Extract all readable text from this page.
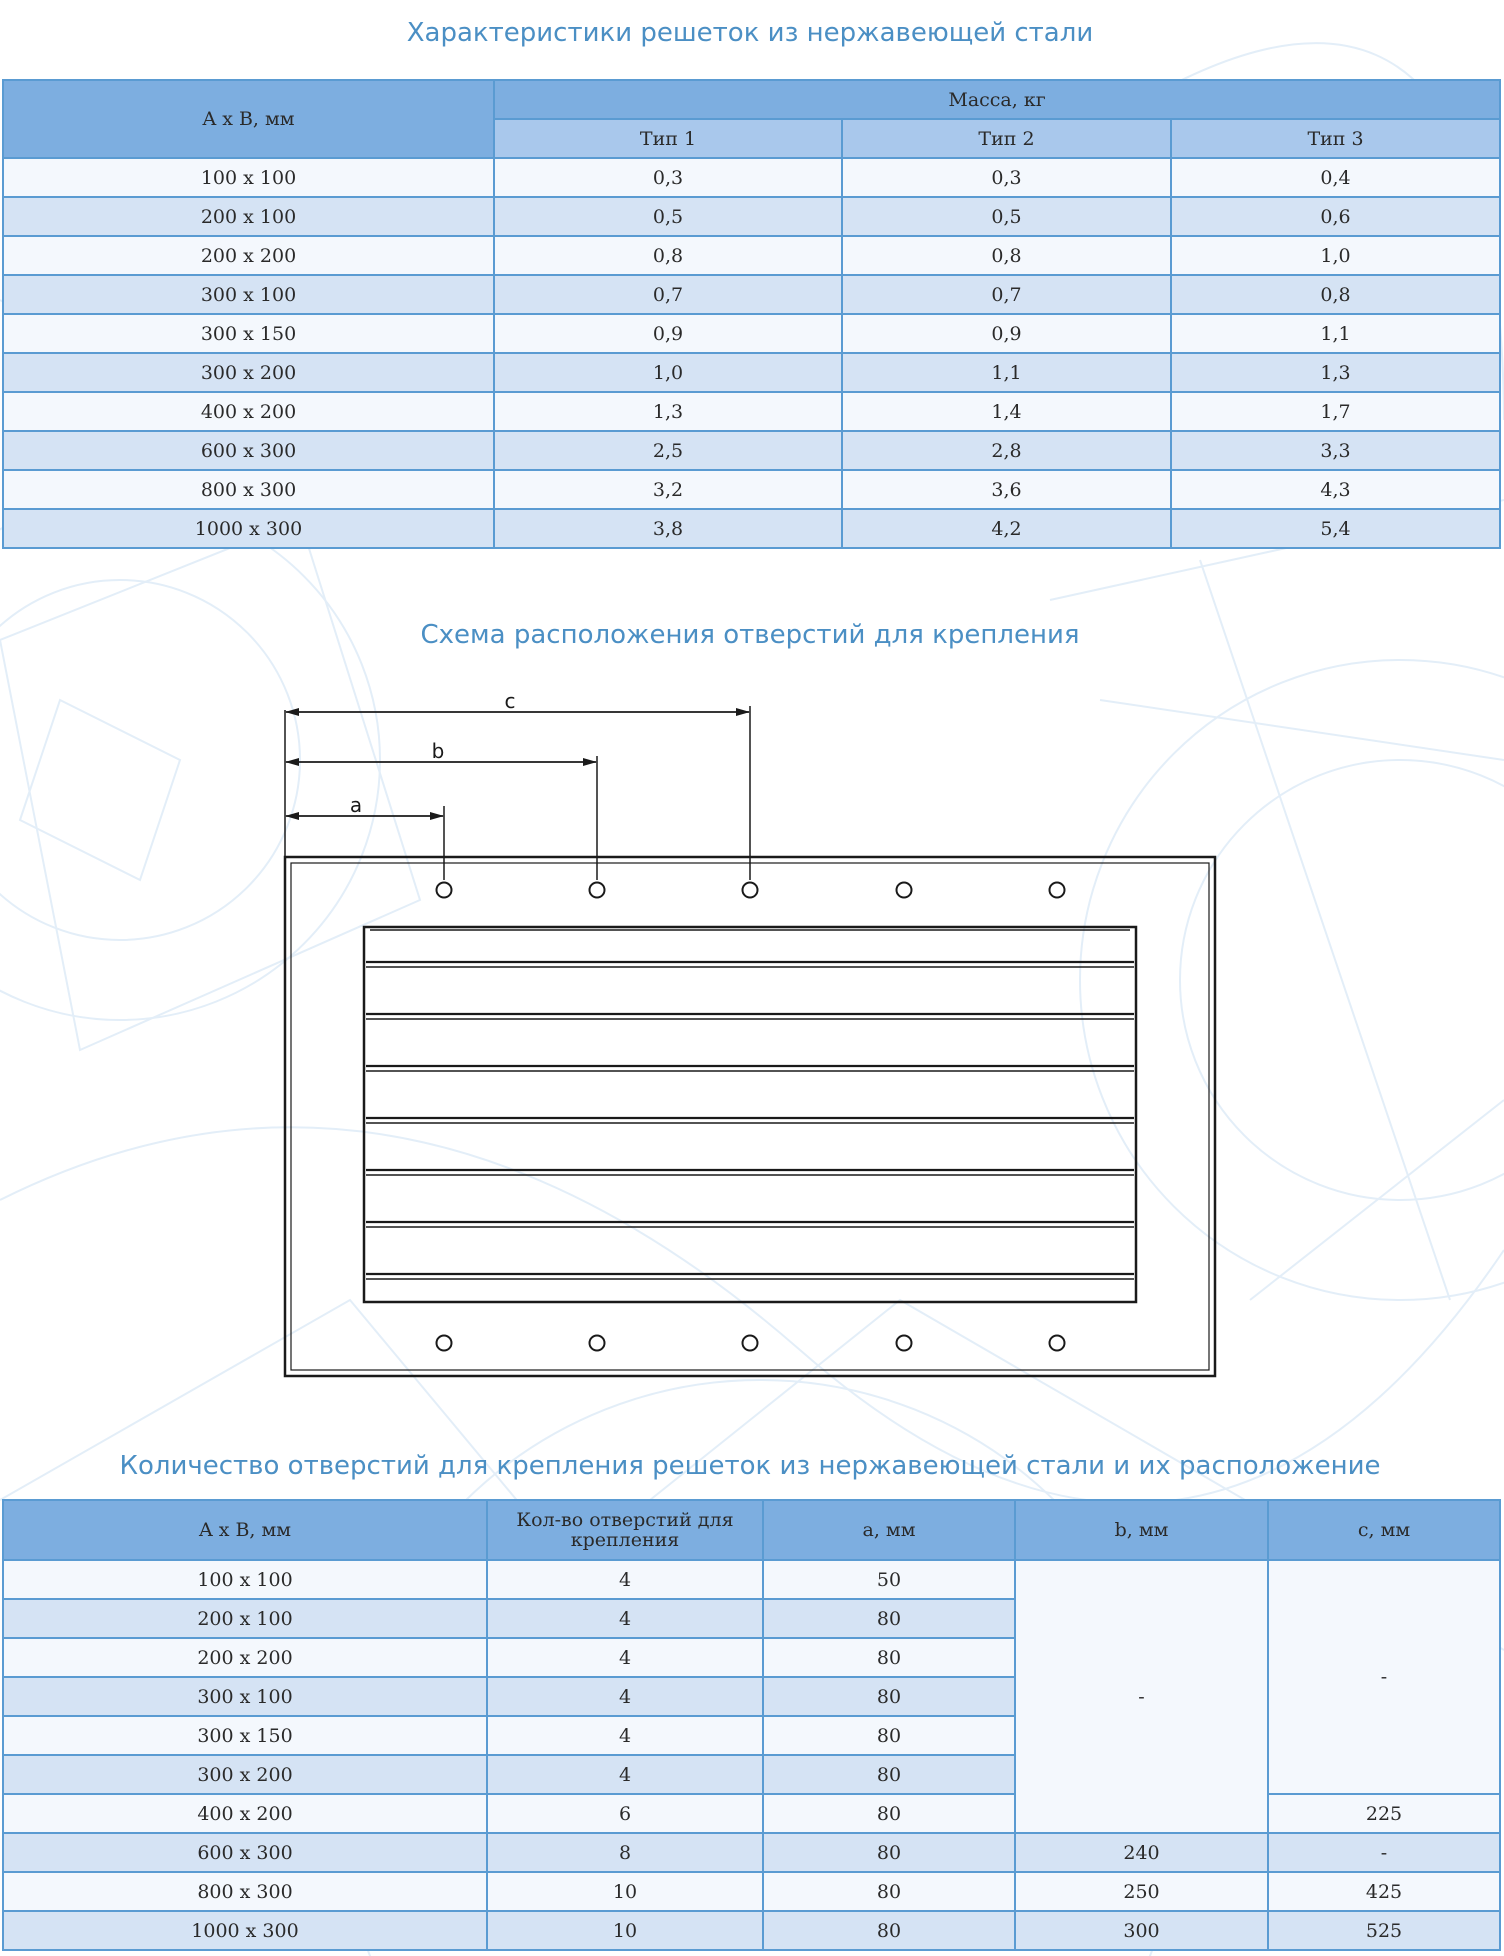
Характеристики решеток из нержавеющей стали
A x B, мм	Масса, кг		
	Тип 1	Тип 2	Тип 3
100 x 100	0,3	0,3	0,4
200 x 100	0,5	0,5	0,6
200 x 200	0,8	0,8	1,0
300 x 100	0,7	0,7	0,8
300 x 150	0,9	0,9	1,1
300 x 200	1,0	1,1	1,3
400 x 200	1,3	1,4	1,7
600 x 300	2,5	2,8	3,3
800 x 300	3,2	3,6	4,3
1000 x 300	3,8	4,2	5,4
Схема расположения отверстий для крепления
c
b
a
Количество отверстий для крепления решеток из нержавеющей стали и их расположение
A x B, мм	Кол-во отверстий для крепления	a, мм	b, мм	c, мм
100 x 100	4	50	-	-
200 x 100	4	80		
200 x 200	4	80		
300 x 100	4	80		
300 x 150	4	80		
300 x 200	4	80		
400 x 200	6	80		225
600 x 300	8	80	240	-
800 x 300	10	80	250	425
1000 x 300	10	80	300	525
